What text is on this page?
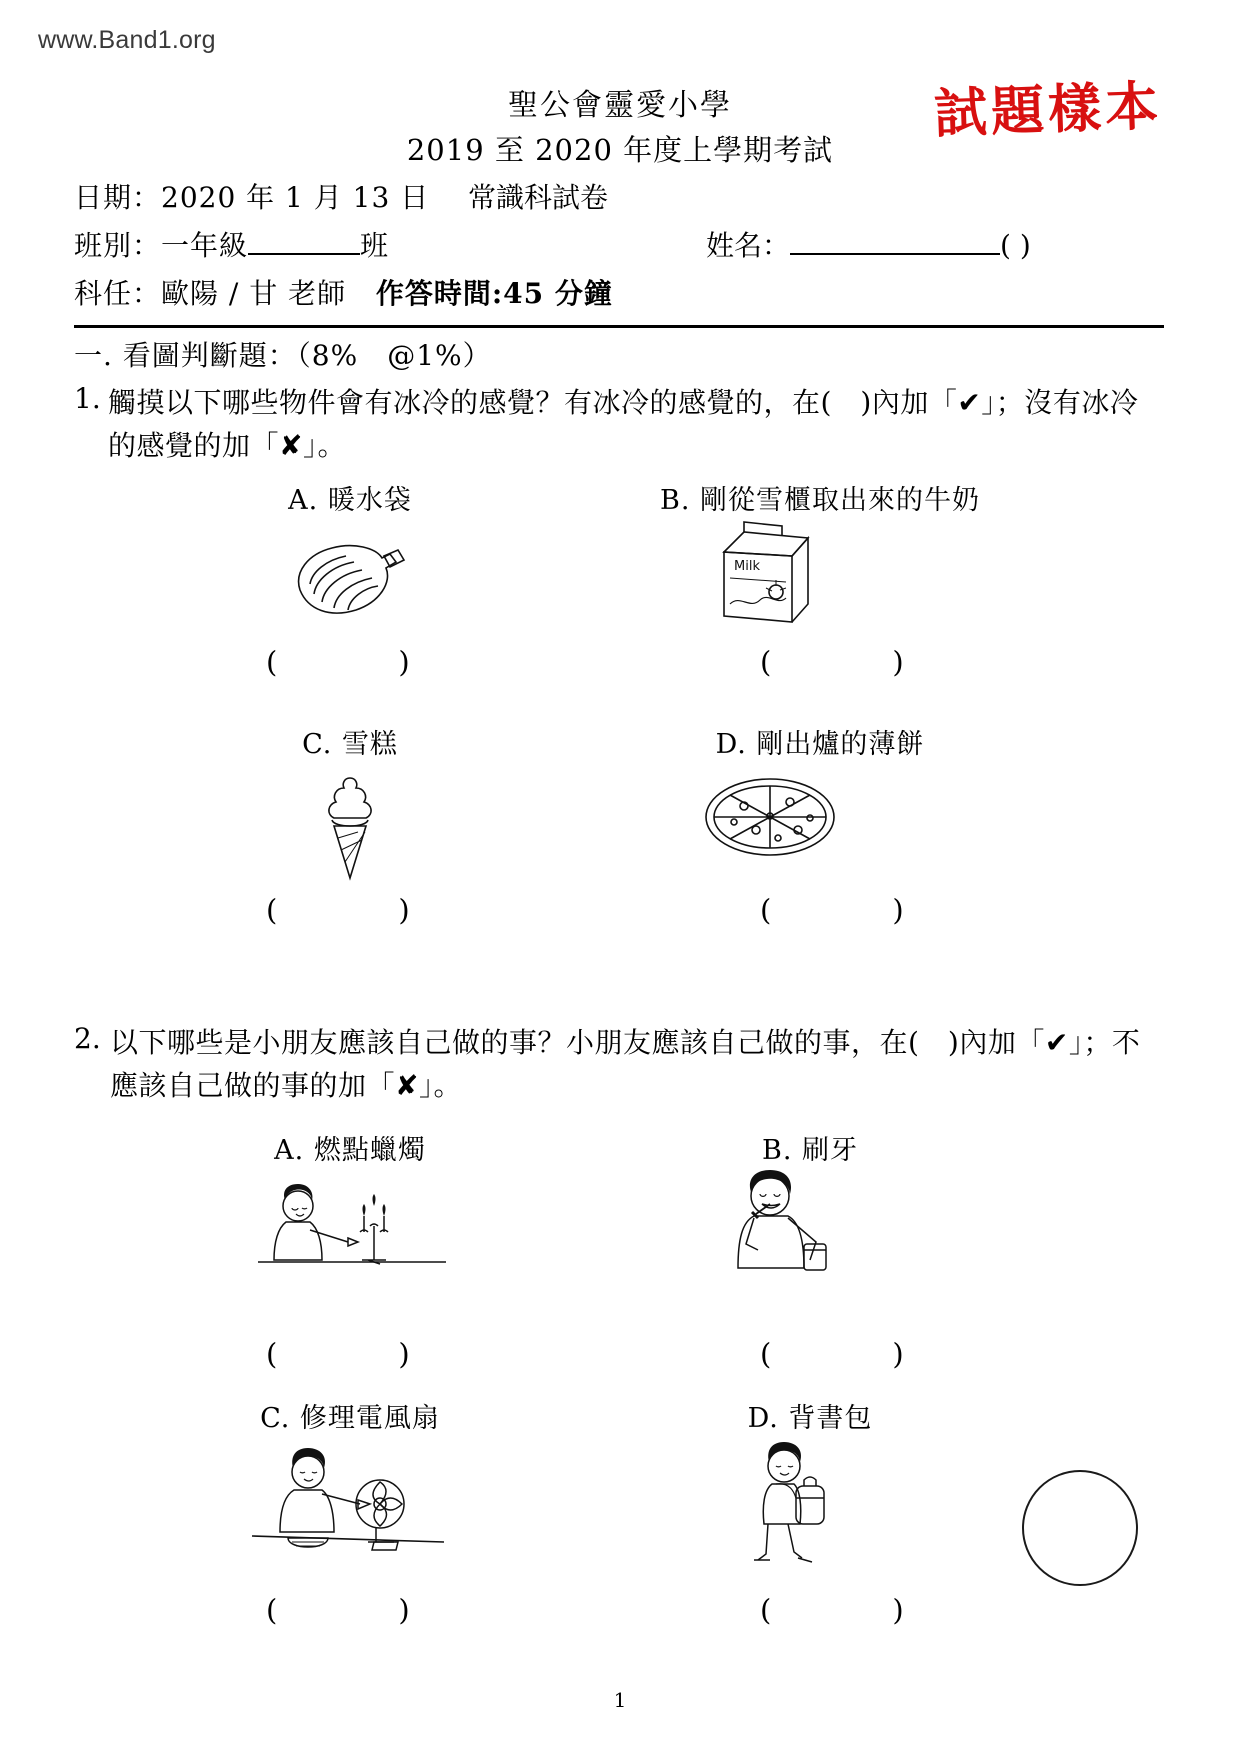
www.Band1.org
試題樣本
聖公會靈愛小學
2019 至 2020 年度上學期考試
日期：2020 年 1 月 13 日 常識科試卷
班別：一年級	班	姓名：	( )
科任：歐陽 / 甘 老師 作答時間:45 分鐘
一. 看圖判斷題：（8%　@1%）
1. 觸摸以下哪些物件會有冰冷的感覺？有冰冷的感覺的，在(　)內加「✔」；沒有冰冷的感覺的加「✘」。
A. 暖水袋	B. 剛從雪櫃取出來的牛奶
Milk
(　　　　)	(　　　　)
C. 雪糕	D. 剛出爐的薄餅
(　　　　)	(　　　　)
2. 以下哪些是小朋友應該自己做的事？小朋友應該自己做的事，在(　)內加「✔」；不應該自己做的事的加「✘」。
A. 燃點蠟燭	B. 刷牙
(　　　　)	(　　　　)
C. 修理電風扇	D. 背書包
(　　　　)	(　　　　)
1
